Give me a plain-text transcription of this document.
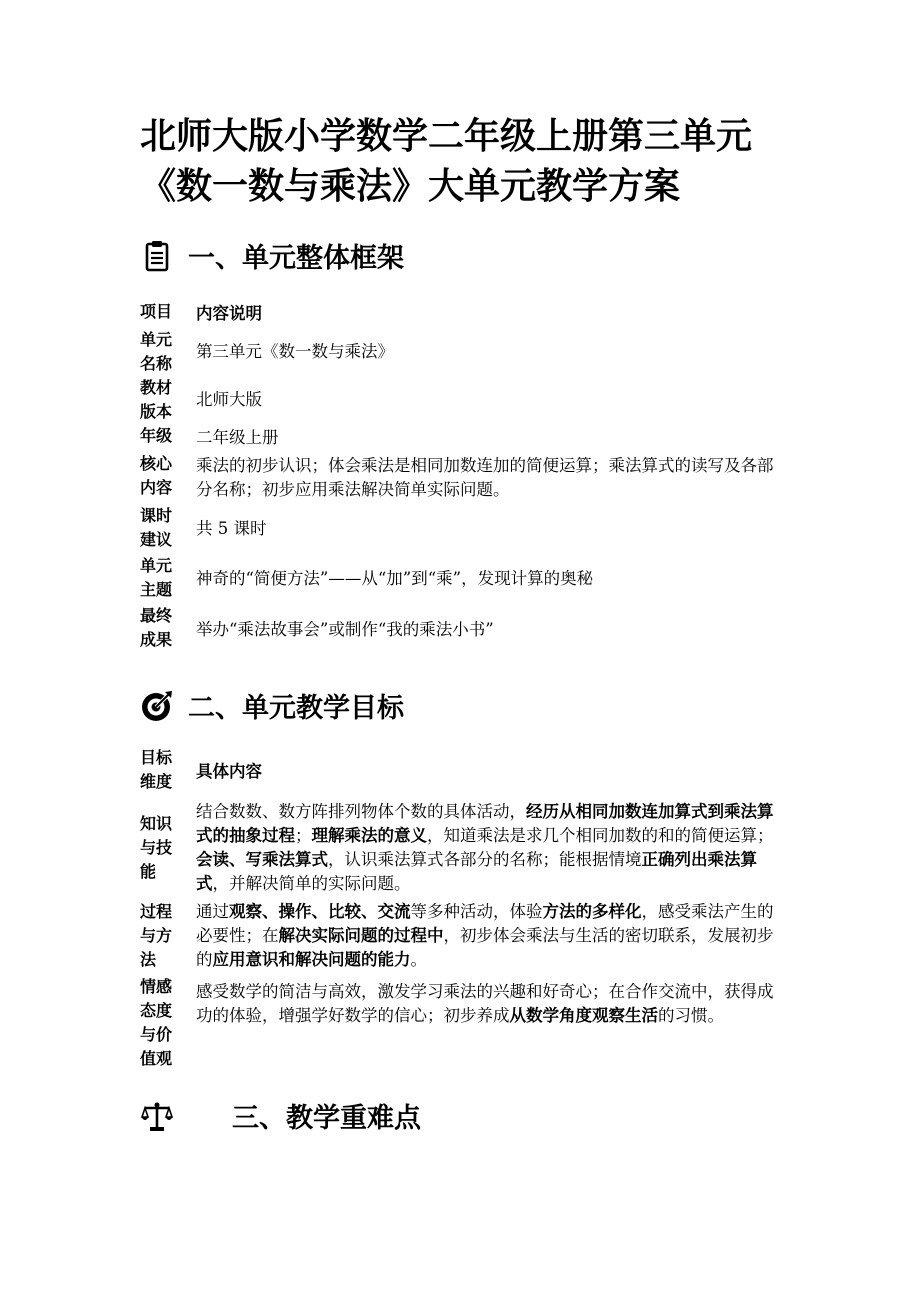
北师大版小学数学二年级上册第三单元
《数一数与乘法》大单元教学方案
一、单元整体框架
项目	内容说明
单元名称
第三单元《数一数与乘法》
教材版本
北师大版
年级	二年级上册
核心内容
乘法的初步认识；体会乘法是相同加数连加的简便运算；乘法算式的读写及各部分名称；初步应用乘法解决简单实际问题。
课时建议
共 5 课时
单元主题
神奇的“简便方法”——从“加”到“乘”，发现计算的奥秘
最终成果
举办“乘法故事会”或制作“我的乘法小书”
二、单元教学目标
目标维度
具体内容
知识与技能
结合数数、数方阵排列物体个数的具体活动，经历从相同加数连加算式到乘法算式的抽象过程；理解乘法的意义，知道乘法是求几个相同加数的和的简便运算；会读、写乘法算式，认识乘法算式各部分的名称；能根据情境正确列出乘法算式，并解决简单的实际问题。
过程与方法
通过观察、操作、比较、交流等多种活动，体验方法的多样化，感受乘法产生的必要性；在解决实际问题的过程中，初步体会乘法与生活的密切联系，发展初步的应用意识和解决问题的能力。
情感态度与价值观
感受数学的简洁与高效，激发学习乘法的兴趣和好奇心；在合作交流中，获得成功的体验，增强学好数学的信心；初步养成从数学角度观察生活的习惯。
三、教学重难点
